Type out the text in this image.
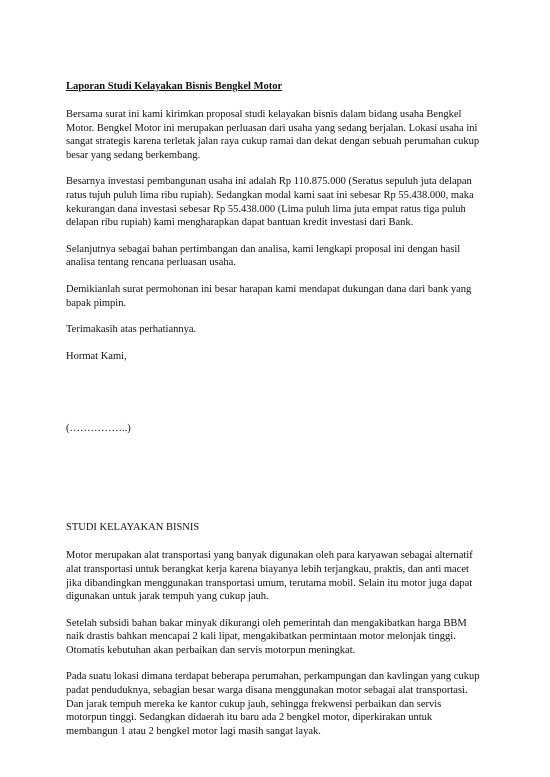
Laporan Studi Kelayakan Bisnis Bengkel Motor

Bersama surat ini kami kirimkan proposal studi kelayakan bisnis dalam bidang usaha Bengkel Motor. Bengkel Motor ini merupakan perluasan dari usaha yang sedang berjalan. Lokasi usaha ini sangat strategis karena terletak jalan raya cukup ramai dan dekat dengan sebuah perumahan cukup besar yang sedang berkembang.

Besarnya investasi pembangunan usaha ini adalah Rp 110.875.000 (Seratus sepuluh juta delapan ratus tujuh puluh lima ribu rupiah). Sedangkan modal kami saat ini sebesar Rp 55.438.000, maka kekurangan dana investasi sebesar Rp 55.438.000 (Lima puluh lima juta empat ratus tiga puluh delapan ribu rupiah) kami mengharapkan dapat bantuan kredit investasi dari Bank.

Selanjutnya sebagai bahan pertimbangan dan analisa, kami lengkapi proposal ini dengan hasil analisa tentang rencana perluasan usaha.

Demikianlah surat permohonan ini besar harapan kami mendapat dukungan dana dari bank yang bapak pimpin.

Terimakasih atas perhatiannya.

Hormat Kami,

(……………..)

STUDI KELAYAKAN BISNIS

Motor merupakan alat transportasi yang banyak digunakan oleh para karyawan sebagai alternatif alat transportasi untuk berangkat kerja karena biayanya lebih terjangkau, praktis, dan anti macet jika dibandingkan menggunakan transportasi umum, terutama mobil. Selain itu motor juga dapat digunakan untuk jarak tempuh yang cukup jauh.

Setelah subsidi bahan bakar minyak dikurangi oleh pemerintah dan mengakibatkan harga BBM naik drastis bahkan mencapai 2 kali lipat, mengakibatkan permintaan motor melonjak tinggi. Otomatis kebutuhan akan perbaikan dan servis motorpun meningkat.

Pada suatu lokasi dimana terdapat beberapa perumahan, perkampungan dan kavlingan yang cukup padat penduduknya, sebagian besar warga disana menggunakan motor sebagai alat transportasi. Dan jarak tempuh mereka ke kantor cukup jauh, sehingga frekwensi perbaikan dan servis motorpun tinggi. Sedangkan didaerah itu baru ada 2 bengkel motor, diperkirakan untuk membangun 1 atau 2 bengkel motor lagi masih sangat layak.
